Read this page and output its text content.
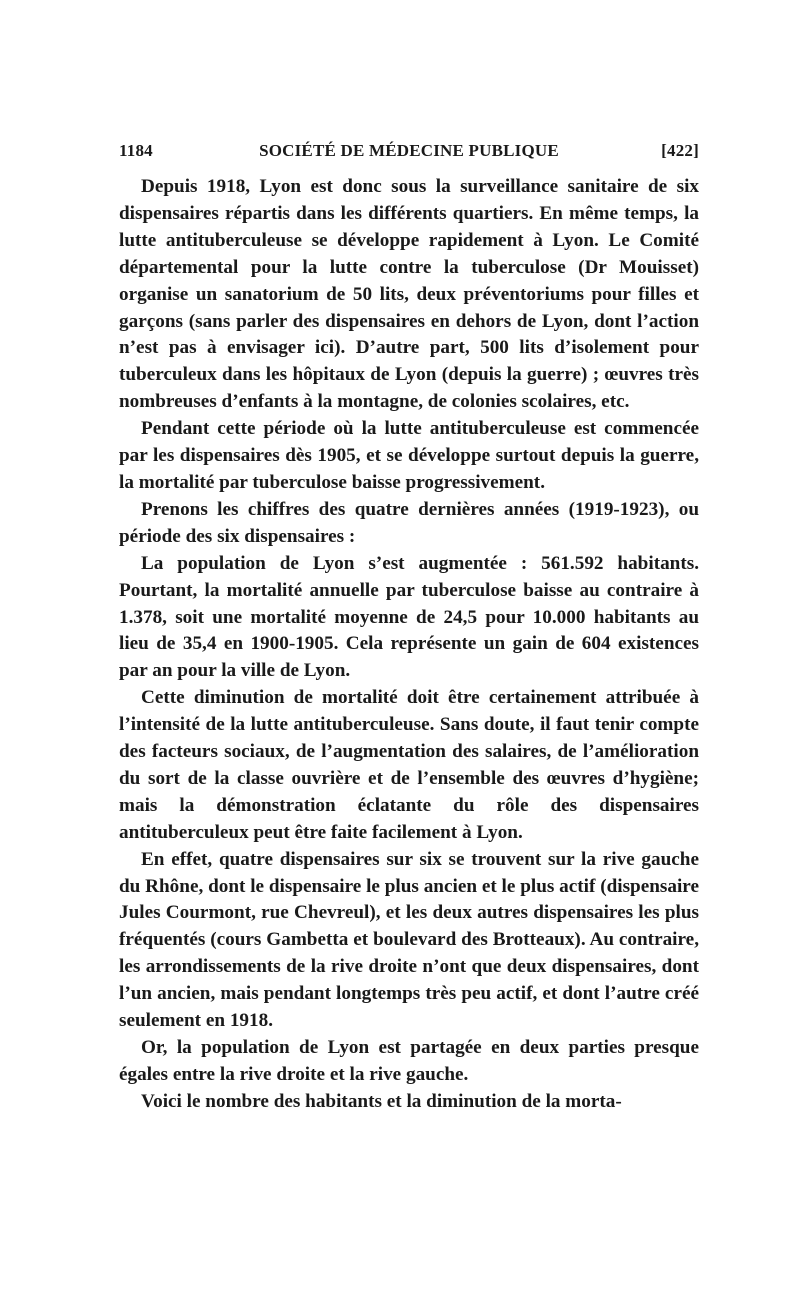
1184	SOCIÉTÉ DE MÉDECINE PUBLIQUE	[422]

Depuis 1918, Lyon est donc sous la surveillance sanitaire de six dispensaires répartis dans les différents quartiers. En même temps, la lutte antituberculeuse se développe rapidement à Lyon. Le Comité départemental pour la lutte contre la tuberculose (Dr Mouisset) organise un sanatorium de 50 lits, deux préventoriums pour filles et garçons (sans parler des dispensaires en dehors de Lyon, dont l’action n’est pas à envisager ici). D’autre part, 500 lits d’isolement pour tuberculeux dans les hôpitaux de Lyon (depuis la guerre) ; œuvres très nombreuses d’enfants à la montagne, de colonies scolaires, etc.

Pendant cette période où la lutte antituberculeuse est commencée par les dispensaires dès 1905, et se développe surtout depuis la guerre, la mortalité par tuberculose baisse progressivement.

Prenons les chiffres des quatre dernières années (1919-1923), ou période des six dispensaires :

La population de Lyon s’est augmentée : 561.592 habitants. Pourtant, la mortalité annuelle par tuberculose baisse au contraire à 1.378, soit une mortalité moyenne de 24,5 pour 10.000 habitants au lieu de 35,4 en 1900-1905. Cela représente un gain de 604 existences par an pour la ville de Lyon.

Cette diminution de mortalité doit être certainement attribuée à l’intensité de la lutte antituberculeuse. Sans doute, il faut tenir compte des facteurs sociaux, de l’augmentation des salaires, de l’amélioration du sort de la classe ouvrière et de l’ensemble des œuvres d’hygiène; mais la démonstration éclatante du rôle des dispensaires antituberculeux peut être faite facilement à Lyon.

En effet, quatre dispensaires sur six se trouvent sur la rive gauche du Rhône, dont le dispensaire le plus ancien et le plus actif (dispensaire Jules Courmont, rue Chevreul), et les deux autres dispensaires les plus fréquentés (cours Gambetta et boulevard des Brotteaux). Au contraire, les arrondissements de la rive droite n’ont que deux dispensaires, dont l’un ancien, mais pendant longtemps très peu actif, et dont l’autre créé seulement en 1918.

Or, la population de Lyon est partagée en deux parties presque égales entre la rive droite et la rive gauche.

Voici le nombre des habitants et la diminution de la morta-
